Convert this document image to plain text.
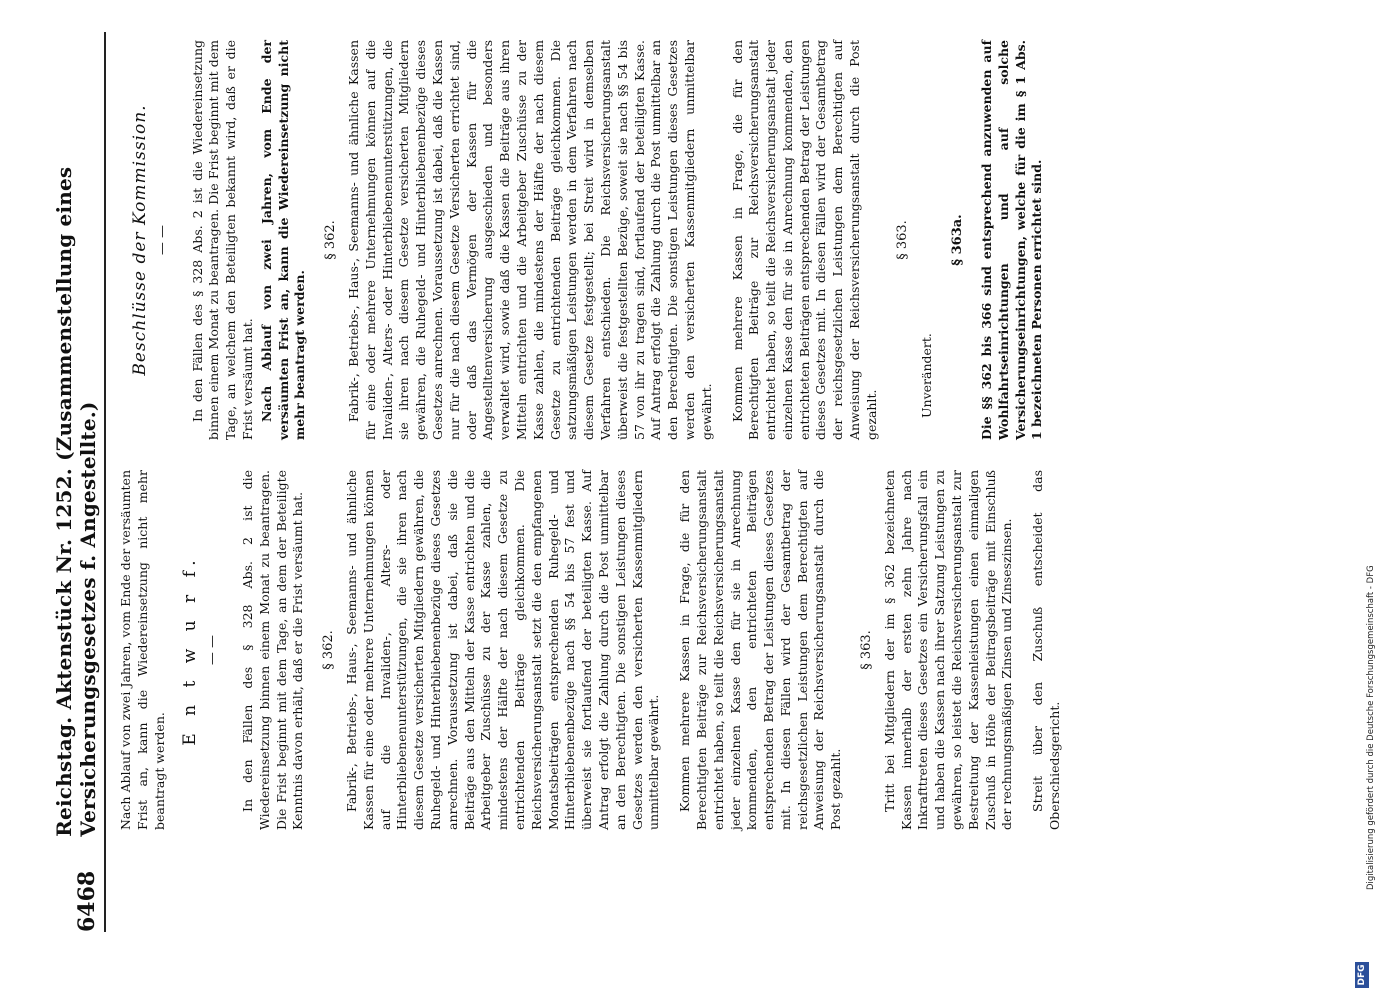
6468
Reichstag. Aktenstück Nr. 1252. (Zusammenstellung eines Versicherungsgesetzes f. Angestellte.) Nach Ablauf von zwei Jahren, vom Ende der versäumten Frist an, kann die Wiedereinsetzung nicht mehr beantragt werden.

E n t w u r f. — — In den Fällen des § 328 Abs. 2 ist die Wiedereinsetzung binnen einem Monat zu beantragen. Die Frist beginnt mit dem Tage, an dem der Beteiligte Kenntnis davon erhält, daß er die Frist versäumt hat. § 362. Fabrik-, Betriebs-, Haus-, Seemanns- und ähnliche Kassen für eine oder mehrere Unternehmungen können auf die Invaliden-, Alters- oder Hinterbliebenenunterstützungen, die sie ihren nach diesem Gesetze versicherten Mitgliedern gewähren, die Ruhegeld- und Hinterbliebenenbezüge dieses Gesetzes anrechnen. Voraussetzung ist dabei, daß sie die Beiträge aus den Mitteln der Kasse entrichten und die Arbeitgeber Zuschüsse zu der Kasse zahlen, die mindestens der Hälfte der nach diesem Gesetze zu entrichtenden Beiträge gleichkommen. Die Reichsversicherungsanstalt setzt die den empfangenen Monatsbeiträgen entsprechenden Ruhegeld- und Hinterbliebenenbezüge nach §§ 54 bis 57 fest und überweist sie fortlaufend der beteiligten Kasse. Auf Antrag erfolgt die Zahlung durch die Post unmittelbar an den Berechtigten. Die sonstigen Leistungen dieses Gesetzes werden den versicherten Kassenmitgliedern unmittelbar gewährt. Kommen mehrere Kassen in Frage, die für den Berechtigten Beiträge zur Reichsversicherungsanstalt entrichtet haben, so teilt die Reichsversicherungsanstalt jeder einzelnen Kasse den für sie in Anrechnung kommenden, den entrichteten Beiträgen entsprechenden Betrag der Leistungen dieses Gesetzes mit. In diesen Fällen wird der Gesamtbetrag der reichsgesetzlichen Leistungen dem Berechtigten auf Anweisung der Reichsversicherungsanstalt durch die Post gezahlt.

§ 363. Tritt bei Mitgliedern der im § 362 bezeichneten Kassen innerhalb der ersten zehn Jahre nach Inkrafttreten dieses Gesetzes ein Versicherungsfall ein und haben die Kassen nach ihrer Satzung Leistungen zu gewähren, so leistet die Reichsversicherungsanstalt zur Bestreitung der Kassenleistungen einen einmaligen Zuschuß in Höhe der Beitragsbeiträge mit Einschluß der rechnungsmäßigen Zinsen und Zinseszinsen. Streit über den Zuschuß entscheidet das Oberschiedsgericht.

Beschlüsse der Kommission. — — In den Fällen des § 328 Abs. 2 ist die Wiedereinsetzung binnen einem Monat zu beantragen. Die Frist beginnt mit dem Tage, an welchem den Beteiligten bekannt wird, daß er die Frist versäumt hat. Nach Ablauf von zwei Jahren, vom Ende der versäumten Frist an, kann die Wiedereinsetzung nicht mehr beantragt werden.

§ 362. Fabrik-, Betriebs-, Haus-, Seemanns- und ähnliche Kassen für eine oder mehrere Unternehmungen können auf die Invaliden-, Alters- oder Hinterbliebenenunterstützungen, die sie ihren nach diesem Gesetze versicherten Mitgliedern gewähren, die Ruhegeld- und Hinterbliebenenbezüge dieses Gesetzes anrechnen. Voraussetzung ist dabei, daß die Kassen nur für die nach diesem Gesetze Versicherten errichtet sind, oder daß das Vermögen der Kassen für die Angestelltenversicherung ausgeschieden und besonders verwaltet wird, sowie daß die Kassen die Beiträge aus ihren Mitteln entrichten und die Arbeitgeber Zuschüsse zu der Kasse zahlen, die mindestens der Hälfte der nach diesem Gesetze zu entrichtenden Beiträge gleichkommen. Die satzungsmäßigen Leistungen werden in dem Verfahren nach diesem Gesetze festgestellt; bei Streit wird in demselben Verfahren entschieden. Die Reichsversicherungsanstalt überweist die festgestellten Bezüge, soweit sie nach §§ 54 bis 57 von ihr zu tragen sind, fortlaufend der beteiligten Kasse. Auf Antrag erfolgt die Zahlung durch die Post unmittelbar an den Berechtigten. Die sonstigen Leistungen dieses Gesetzes werden den versicherten Kassenmitgliedern unmittelbar gewährt. Kommen mehrere Kassen in Frage, die für den Berechtigten Beiträge zur Reichsversicherungsanstalt entrichtet haben, so teilt die Reichsversicherungsanstalt jeder einzelnen Kasse den für sie in Anrechnung kommenden, den entrichteten Beiträgen entsprechenden Betrag der Leistungen dieses Gesetzes mit. In diesen Fällen wird der Gesamtbetrag der reichsgesetzlichen Leistungen dem Berechtigten auf Anweisung der Reichsversicherungsanstalt durch die Post gezahlt.

§ 363.

Unverändert.

§ 363a. Die §§ 362 bis 366 sind entsprechend anzuwenden auf Wohlfahrtseinrichtungen und auf solche Versicherungseinrichtungen, welche für die im § 1 Abs. 1 bezeichneten Personen errichtet sind.

DFG
Digitalisierung gefördert durch die Deutsche Forschungsgemeinschaft - DFG
